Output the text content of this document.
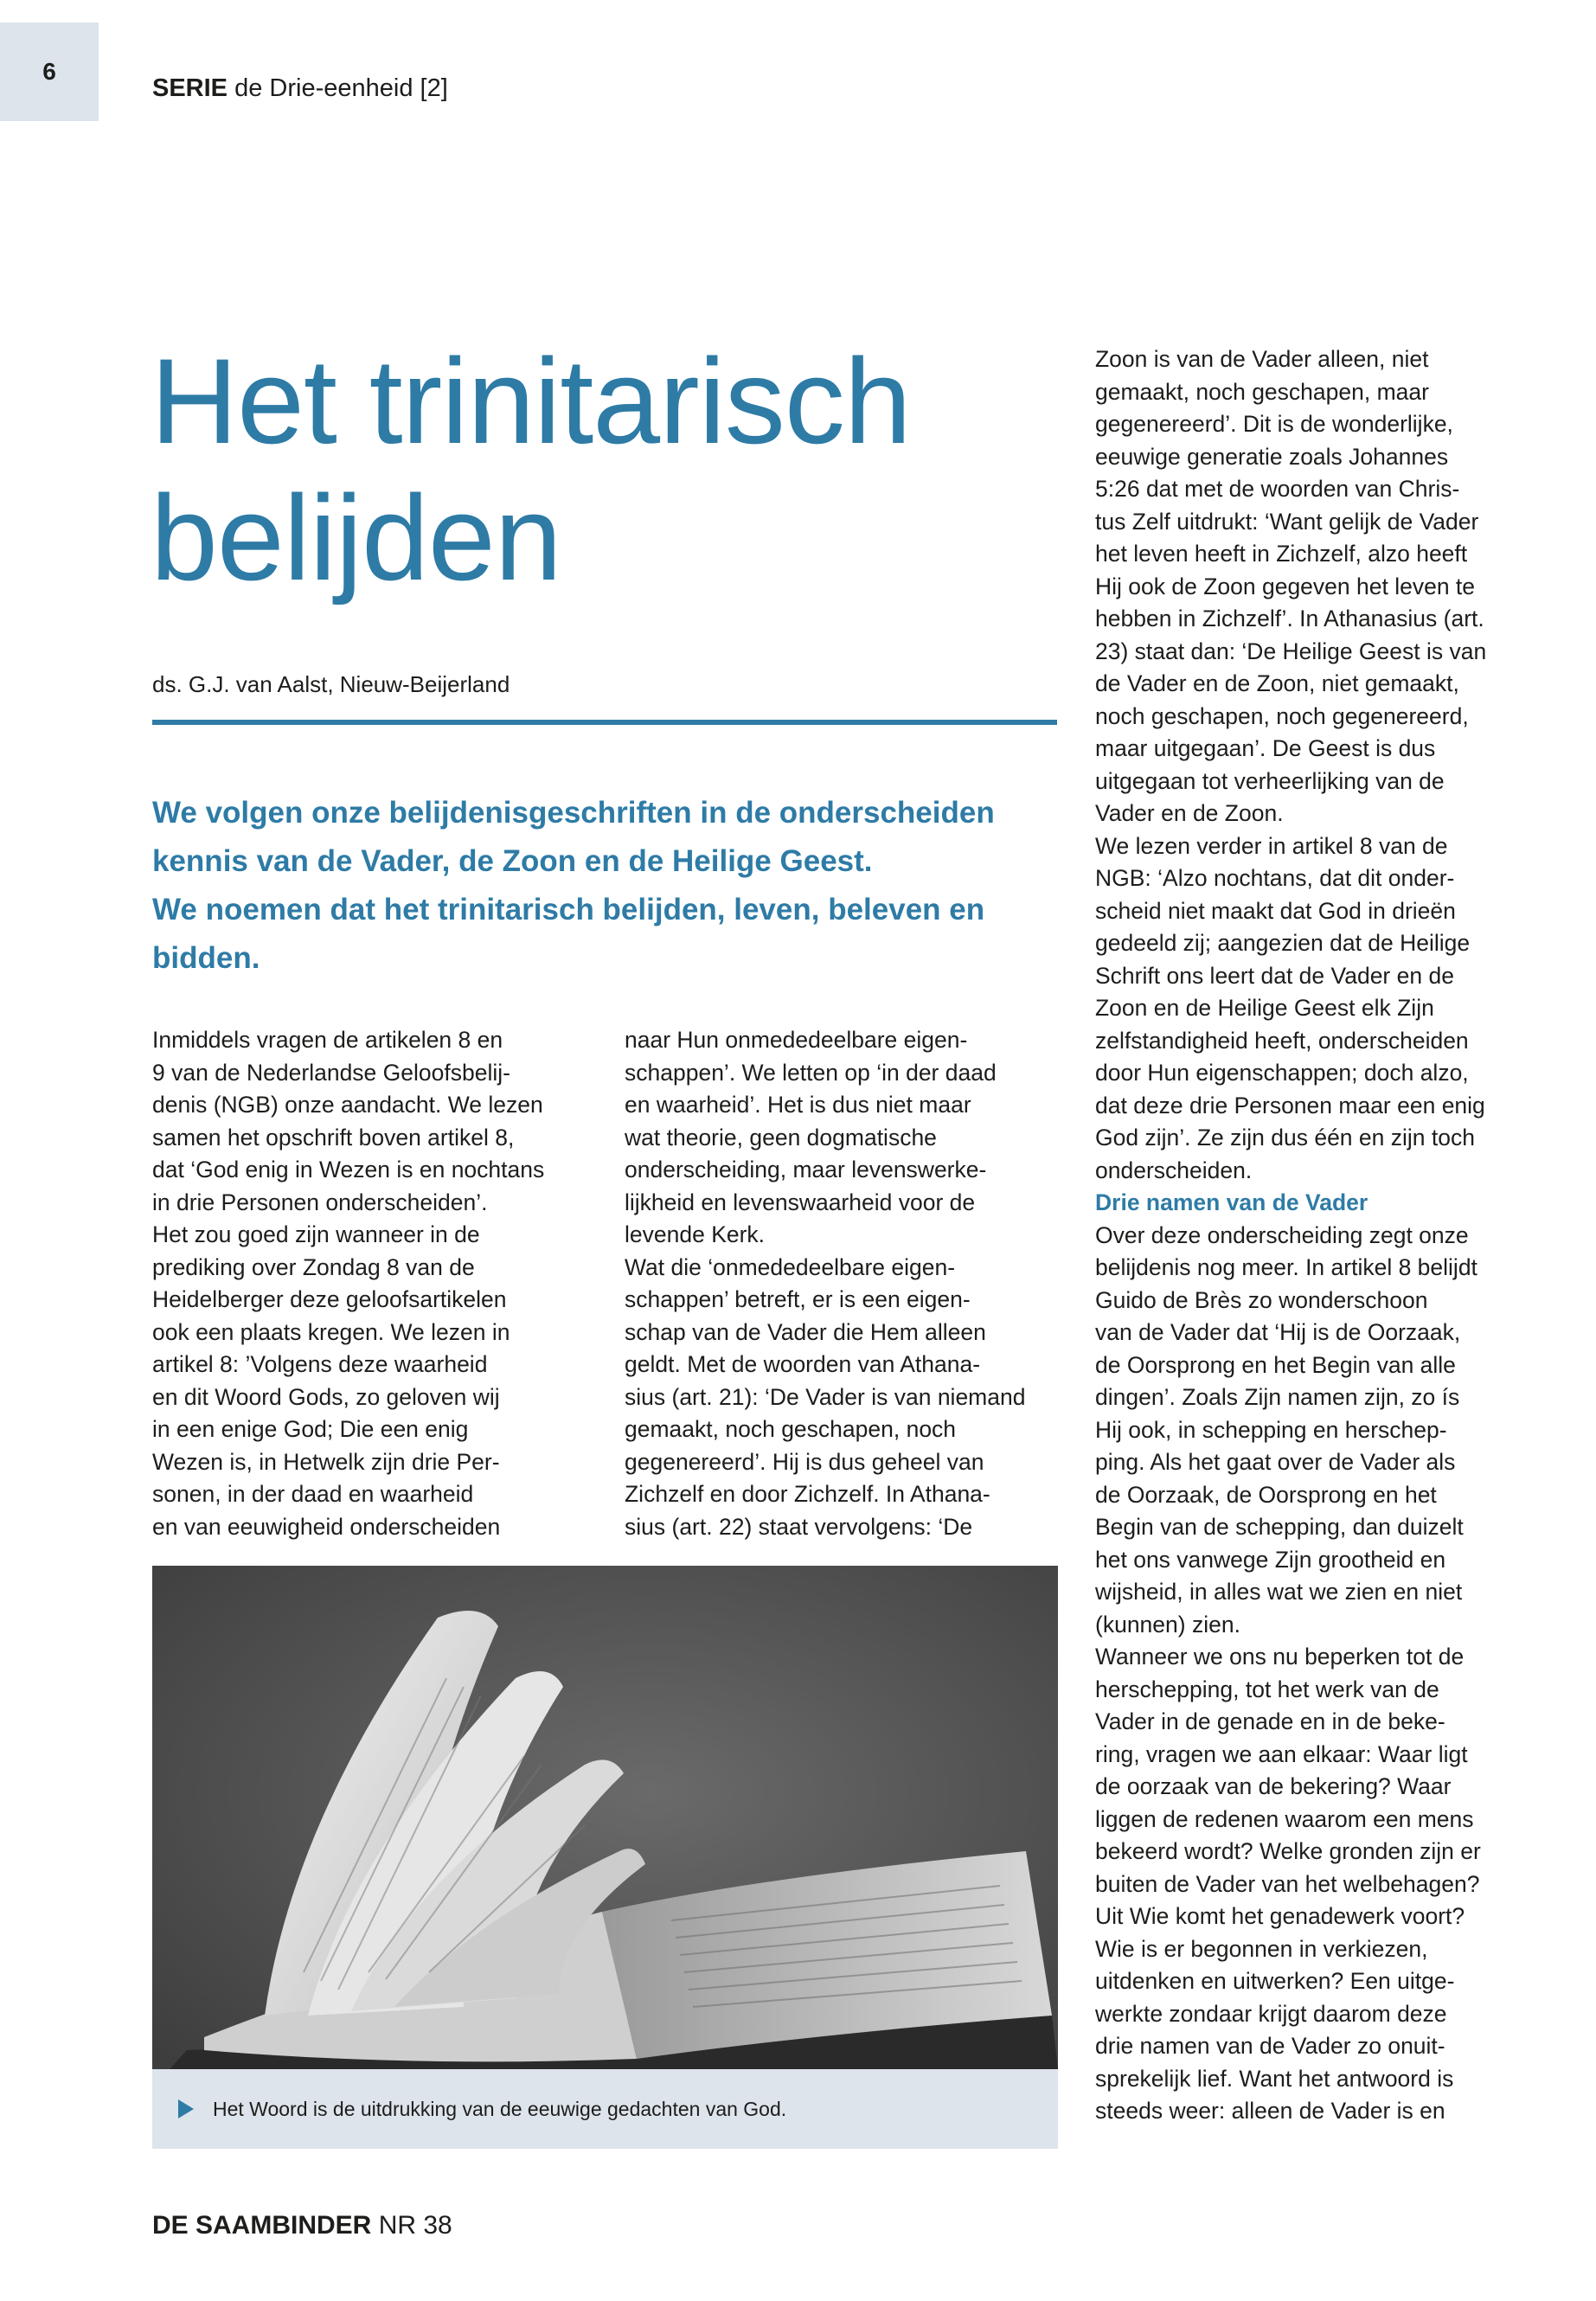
6
SERIE de Drie-eenheid [2]
Het trinitarisch
belijden
ds. G.J. van Aalst, Nieuw-Beijerland

We volgen onze belijdenisgeschriften in de onderscheiden kennis van de Vader, de Zoon en de Heilige Geest.

We noemen dat het trinitarisch belijden, leven, beleven en bidden.

Inmiddels vragen de artikelen 8 en
9 van de Nederlandse Geloofsbelij-
denis (NGB) onze aandacht. We lezen
samen het opschrift boven artikel 8,
dat ‘God enig in Wezen is en nochtans
in drie Personen onderscheiden’.

Het zou goed zijn wanneer in de
prediking over Zondag 8 van de
Heidelberger deze geloofsartikelen
ook een plaats kregen. We lezen in
artikel 8: ’Volgens deze waarheid
en dit Woord Gods, zo geloven wij
in een enige God; Die een enig
Wezen is, in Hetwelk zijn drie Per-
sonen, in der daad en waarheid
en van eeuwigheid onderscheiden

naar Hun onmededeelbare eigen-
schappen’. We letten op ‘in der daad
en waarheid’. Het is dus niet maar
wat theorie, geen dogmatische
onderscheiding, maar levenswerke-
lijkheid en levenswaarheid voor de
levende Kerk.

Wat die ‘onmededeelbare eigen-
schappen’ betreft, er is een eigen-
schap van de Vader die Hem alleen
geldt. Met de woorden van Athana-
sius (art. 21): ‘De Vader is van niemand
gemaakt, noch geschapen, noch
gegenereerd’. Hij is dus geheel van
Zichzelf en door Zichzelf. In Athana-
sius (art. 22) staat vervolgens: ‘De

Zoon is van de Vader alleen, niet
gemaakt, noch geschapen, maar
gegenereerd’. Dit is de wonderlijke,
eeuwige generatie zoals Johannes
5:26 dat met de woorden van Chris-
tus Zelf uitdrukt: ‘Want gelijk de Vader
het leven heeft in Zichzelf, alzo heeft
Hij ook de Zoon gegeven het leven te
hebben in Zichzelf’. In Athanasius (art.
23) staat dan: ‘De Heilige Geest is van
de Vader en de Zoon, niet gemaakt,
noch geschapen, noch gegenereerd,
maar uitgegaan’. De Geest is dus
uitgegaan tot verheerlijking van de
Vader en de Zoon.

We lezen verder in artikel 8 van de
NGB: ‘Alzo nochtans, dat dit onder-
scheid niet maakt dat God in drieën
gedeeld zij; aangezien dat de Heilige
Schrift ons leert dat de Vader en de
Zoon en de Heilige Geest elk Zijn
zelfstandigheid heeft, onderscheiden
door Hun eigenschappen; doch alzo,
dat deze drie Personen maar een enig
God zijn’. Ze zijn dus één en zijn toch
onderscheiden.

Drie namen van de Vader

Over deze onderscheiding zegt onze
belijdenis nog meer. In artikel 8 belijdt
Guido de Brès zo wonderschoon
van de Vader dat ‘Hij is de Oorzaak,
de Oorsprong en het Begin van alle
dingen’. Zoals Zijn namen zijn, zo ís
Hij ook, in schepping en herschep-
ping. Als het gaat over de Vader als
de Oorzaak, de Oorsprong en het
Begin van de schepping, dan duizelt
het ons vanwege Zijn grootheid en
wijsheid, in alles wat we zien en niet
(kunnen) zien.

Wanneer we ons nu beperken tot de
herschepping, tot het werk van de
Vader in de genade en in de beke-
ring, vragen we aan elkaar: Waar ligt
de oorzaak van de bekering? Waar
liggen de redenen waarom een mens
bekeerd wordt? Welke gronden zijn er
buiten de Vader van het welbehagen?
Uit Wie komt het genadewerk voort?
Wie is er begonnen in verkiezen,
uitdenken en uitwerken? Een uitge-
werkte zondaar krijgt daarom deze
drie namen van de Vader zo onuit-
sprekelijk lief. Want het antwoord is
steeds weer: alleen de Vader is en

Het Woord is de uitdrukking van de eeuwige gedachten van God.
DE SAAMBINDER NR 38
